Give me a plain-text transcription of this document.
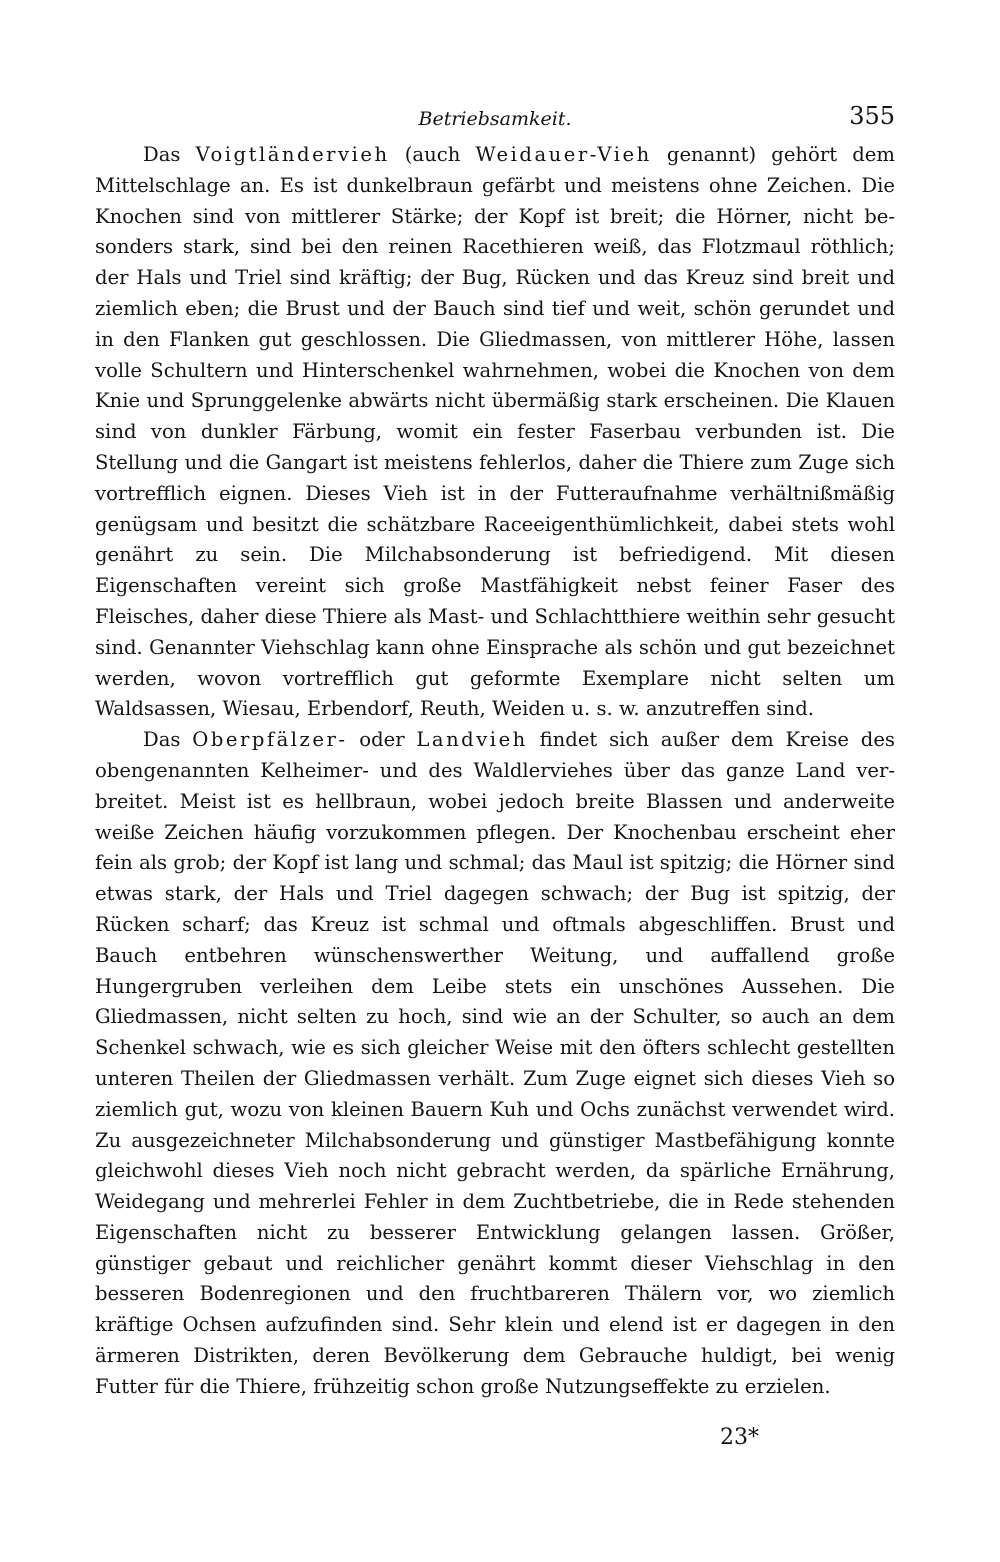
Betriebsamkeit.	355

Das Voigtländervieh (auch Weidauer-Vieh genannt) gehört dem Mittelschlage an. Es ist dunkelbraun gefärbt und meistens ohne Zeichen. Die Knochen sind von mittlerer Stärke; der Kopf ist breit; die Hörner, nicht besonders stark, sind bei den reinen Racethieren weiß, das Flotzmaul röthlich; der Hals und Triel sind kräftig; der Bug, Rücken und das Kreuz sind breit und ziemlich eben; die Brust und der Bauch sind tief und weit, schön gerundet und in den Flanken gut geschlossen. Die Gliedmassen, von mittlerer Höhe, lassen volle Schultern und Hinterschenkel wahrnehmen, wobei die Knochen von dem Knie und Sprunggelenke abwärts nicht übermäßig stark erscheinen. Die Klauen sind von dunkler Färbung, womit ein fester Faserbau verbunden ist. Die Stellung und die Gangart ist meistens fehlerlos, daher die Thiere zum Zuge sich vortrefflich eignen. Dieses Vieh ist in der Futteraufnahme verhältnißmäßig genügsam und besitzt die schätzbare Raceeigenthümlichkeit, dabei stets wohl genährt zu sein. Die Milchabsonderung ist befriedigend. Mit diesen Eigenschaften vereint sich große Mastfähigkeit nebst feiner Faser des Fleisches, daher diese Thiere als Mast- und Schlachtthiere weithin sehr gesucht sind. Genannter Viehschlag kann ohne Einsprache als schön und gut bezeichnet werden, wovon vortrefflich gut geformte Exemplare nicht selten um Waldsassen, Wiesau, Erbendorf, Reuth, Weiden u. s. w. anzutreffen sind.

Das Oberpfälzer- oder Landvieh findet sich außer dem Kreise des obengenannten Kelheimer- und des Waldlerviehes über das ganze Land verbreitet. Meist ist es hellbraun, wobei jedoch breite Blassen und anderweite weiße Zeichen häufig vorzukommen pflegen. Der Knochenbau erscheint eher fein als grob; der Kopf ist lang und schmal; das Maul ist spitzig; die Hörner sind etwas stark, der Hals und Triel dagegen schwach; der Bug ist spitzig, der Rücken scharf; das Kreuz ist schmal und oftmals abgeschliffen. Brust und Bauch entbehren wünschenswerther Weitung, und auffallend große Hungergruben verleihen dem Leibe stets ein unschönes Aussehen. Die Gliedmassen, nicht selten zu hoch, sind wie an der Schulter, so auch an dem Schenkel schwach, wie es sich gleicher Weise mit den öfters schlecht gestellten unteren Theilen der Gliedmassen verhält. Zum Zuge eignet sich dieses Vieh so ziemlich gut, wozu von kleinen Bauern Kuh und Ochs zunächst verwendet wird. Zu ausgezeichneter Milchabsonderung und günstiger Mastbefähigung konnte gleichwohl dieses Vieh noch nicht gebracht werden, da spärliche Ernährung, Weidegang und mehrerlei Fehler in dem Zuchtbetriebe, die in Rede stehenden Eigenschaften nicht zu besserer Entwicklung gelangen lassen. Größer, günstiger gebaut und reichlicher genährt kommt dieser Viehschlag in den besseren Bodenregionen und den fruchtbareren Thälern vor, wo ziemlich kräftige Ochsen aufzufinden sind. Sehr klein und elend ist er dagegen in den ärmeren Distrikten, deren Bevölkerung dem Gebrauche huldigt, bei wenig Futter für die Thiere, frühzeitig schon große Nutzungseffekte zu erzielen.

23*
